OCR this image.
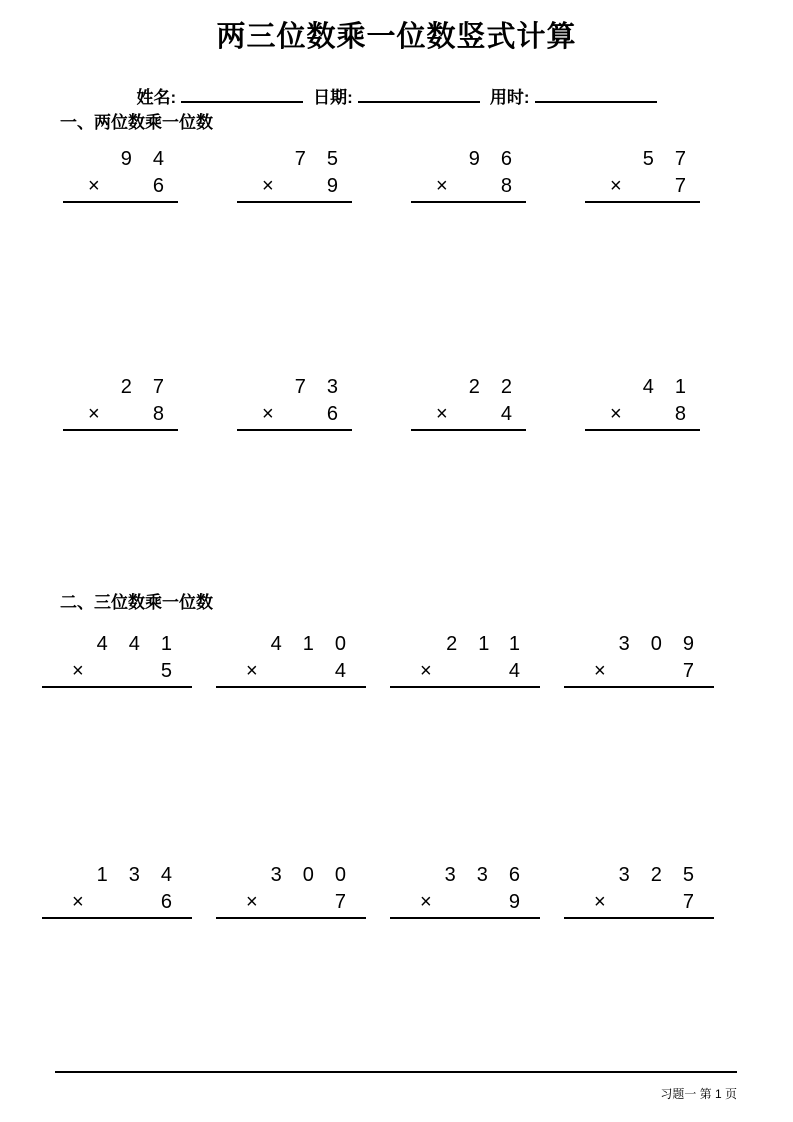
两三位数乘一位数竖式计算
姓名:	日期:	用时:
一、两位数乘一位数
94
×	6
75
×	9
96
×	8
57
×	7
27
×	8
73
×	6
22
×	4
41
×	8
二、三位数乘一位数
441
×	5
410
×	4
211
×	4
309
×	7
134
×	6
300
×	7
336
×	9
325
×	7
习题一 第 1 页
